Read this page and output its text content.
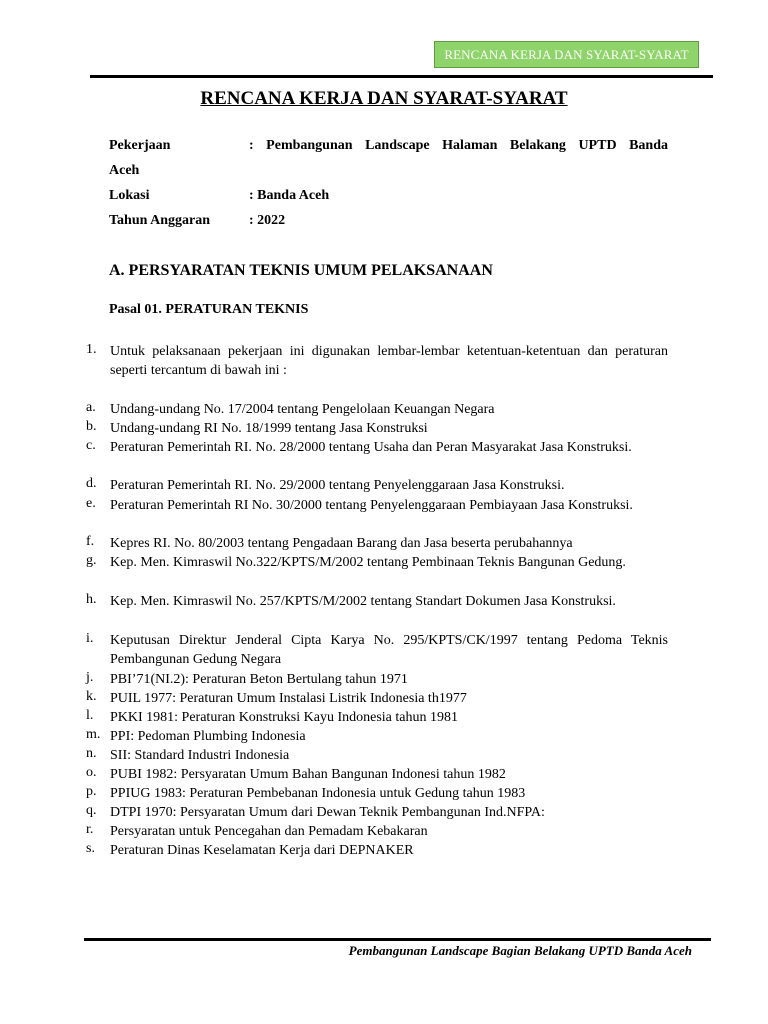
RENCANA KERJA DAN SYARAT-SYARAT
RENCANA KERJA DAN SYARAT-SYARAT
Pekerjaan	: Pembangunan Landscape Halaman Belakang UPTD Banda
Aceh
Lokasi	: Banda Aceh
Tahun Anggaran	: 2022
A. PERSYARATAN TEKNIS UMUM PELAKSANAAN
Pasal 01. PERATURAN TEKNIS
1. Untuk pelaksanaan pekerjaan ini digunakan lembar-lembar ketentuan-ketentuan dan peraturan seperti tercantum di bawah ini :
a. Undang-undang No. 17/2004 tentang Pengelolaan Keuangan Negara
b. Undang-undang RI No. 18/1999 tentang Jasa Konstruksi
c. Peraturan Pemerintah RI. No. 28/2000 tentang Usaha dan Peran Masyarakat Jasa Konstruksi.
d. Peraturan Pemerintah RI. No. 29/2000 tentang Penyelenggaraan Jasa Konstruksi.
e. Peraturan Pemerintah RI No. 30/2000 tentang Penyelenggaraan Pembiayaan Jasa Konstruksi.
f. Kepres RI. No. 80/2003 tentang Pengadaan Barang dan Jasa beserta perubahannya
g. Kep. Men. Kimraswil No.322/KPTS/M/2002 tentang Pembinaan Teknis Bangunan Gedung.
h. Kep. Men. Kimraswil No. 257/KPTS/M/2002 tentang Standart Dokumen Jasa Konstruksi.
i. Keputusan Direktur Jenderal Cipta Karya No. 295/KPTS/CK/1997 tentang Pedoma Teknis Pembangunan Gedung Negara
j. PBI’71(NI.2): Peraturan Beton Bertulang tahun 1971
k. PUIL 1977: Peraturan Umum Instalasi Listrik Indonesia th1977
l. PKKI 1981: Peraturan Konstruksi Kayu Indonesia tahun 1981
m. PPI: Pedoman Plumbing Indonesia
n. SII: Standard Industri Indonesia
o. PUBI 1982: Persyaratan Umum Bahan Bangunan Indonesi tahun 1982
p. PPIUG 1983: Peraturan Pembebanan Indonesia untuk Gedung tahun 1983
q. DTPI 1970: Persyaratan Umum dari Dewan Teknik Pembangunan Ind.NFPA:
r. Persyaratan untuk Pencegahan dan Pemadam Kebakaran
s. Peraturan Dinas Keselamatan Kerja dari DEPNAKER
Pembangunan Landscape Bagian Belakang UPTD Banda Aceh
